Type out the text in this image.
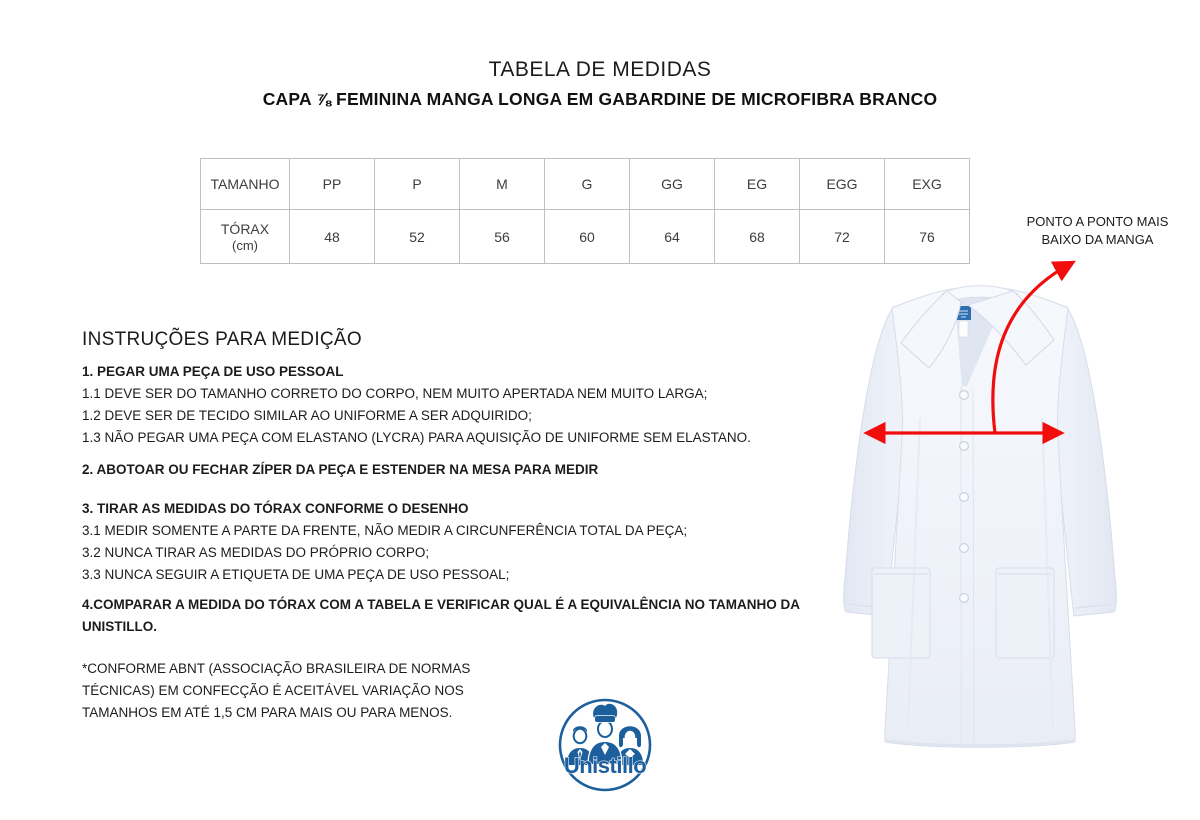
TABELA DE MEDIDAS
CAPA ⅞ FEMININA MANGA LONGA EM GABARDINE DE MICROFIBRA BRANCO
TAMANHO	PP	P	M	G	GG	EG	EGG	EXG
TÓRAX
(cm)	48	52	56	60	64	68	72	76
PONTO A PONTO MAIS
BAIXO DA MANGA
INSTRUÇÕES PARA MEDIÇÃO
1. PEGAR UMA PEÇA DE USO PESSOAL
1.1 DEVE SER DO TAMANHO CORRETO DO CORPO, NEM MUITO APERTADA NEM MUITO LARGA;
1.2 DEVE SER DE TECIDO SIMILAR AO UNIFORME A SER ADQUIRIDO;
1.3 NÃO PEGAR UMA PEÇA COM ELASTANO (LYCRA) PARA AQUISIÇÃO DE UNIFORME SEM ELASTANO.
2. ABOTOAR OU FECHAR ZÍPER DA PEÇA E ESTENDER NA MESA PARA MEDIR
3. TIRAR AS MEDIDAS DO TÓRAX CONFORME O DESENHO
3.1 MEDIR SOMENTE A PARTE DA FRENTE, NÃO MEDIR A CIRCUNFERÊNCIA TOTAL DA PEÇA;
3.2 NUNCA TIRAR AS MEDIDAS DO PRÓPRIO CORPO;
3.3 NUNCA SEGUIR A ETIQUETA DE UMA PEÇA DE USO PESSOAL;
4.COMPARAR A MEDIDA DO TÓRAX COM A TABELA E VERIFICAR QUAL É A EQUIVALÊNCIA NO TAMANHO DA UNISTILLO.
*CONFORME ABNT (ASSOCIAÇÃO BRASILEIRA DE NORMAS
TÉCNICAS) EM CONFECÇÃO É ACEITÁVEL VARIAÇÃO NOS
TAMANHOS EM ATÉ 1,5 CM PARA MAIS OU PARA MENOS.
Unistillo
